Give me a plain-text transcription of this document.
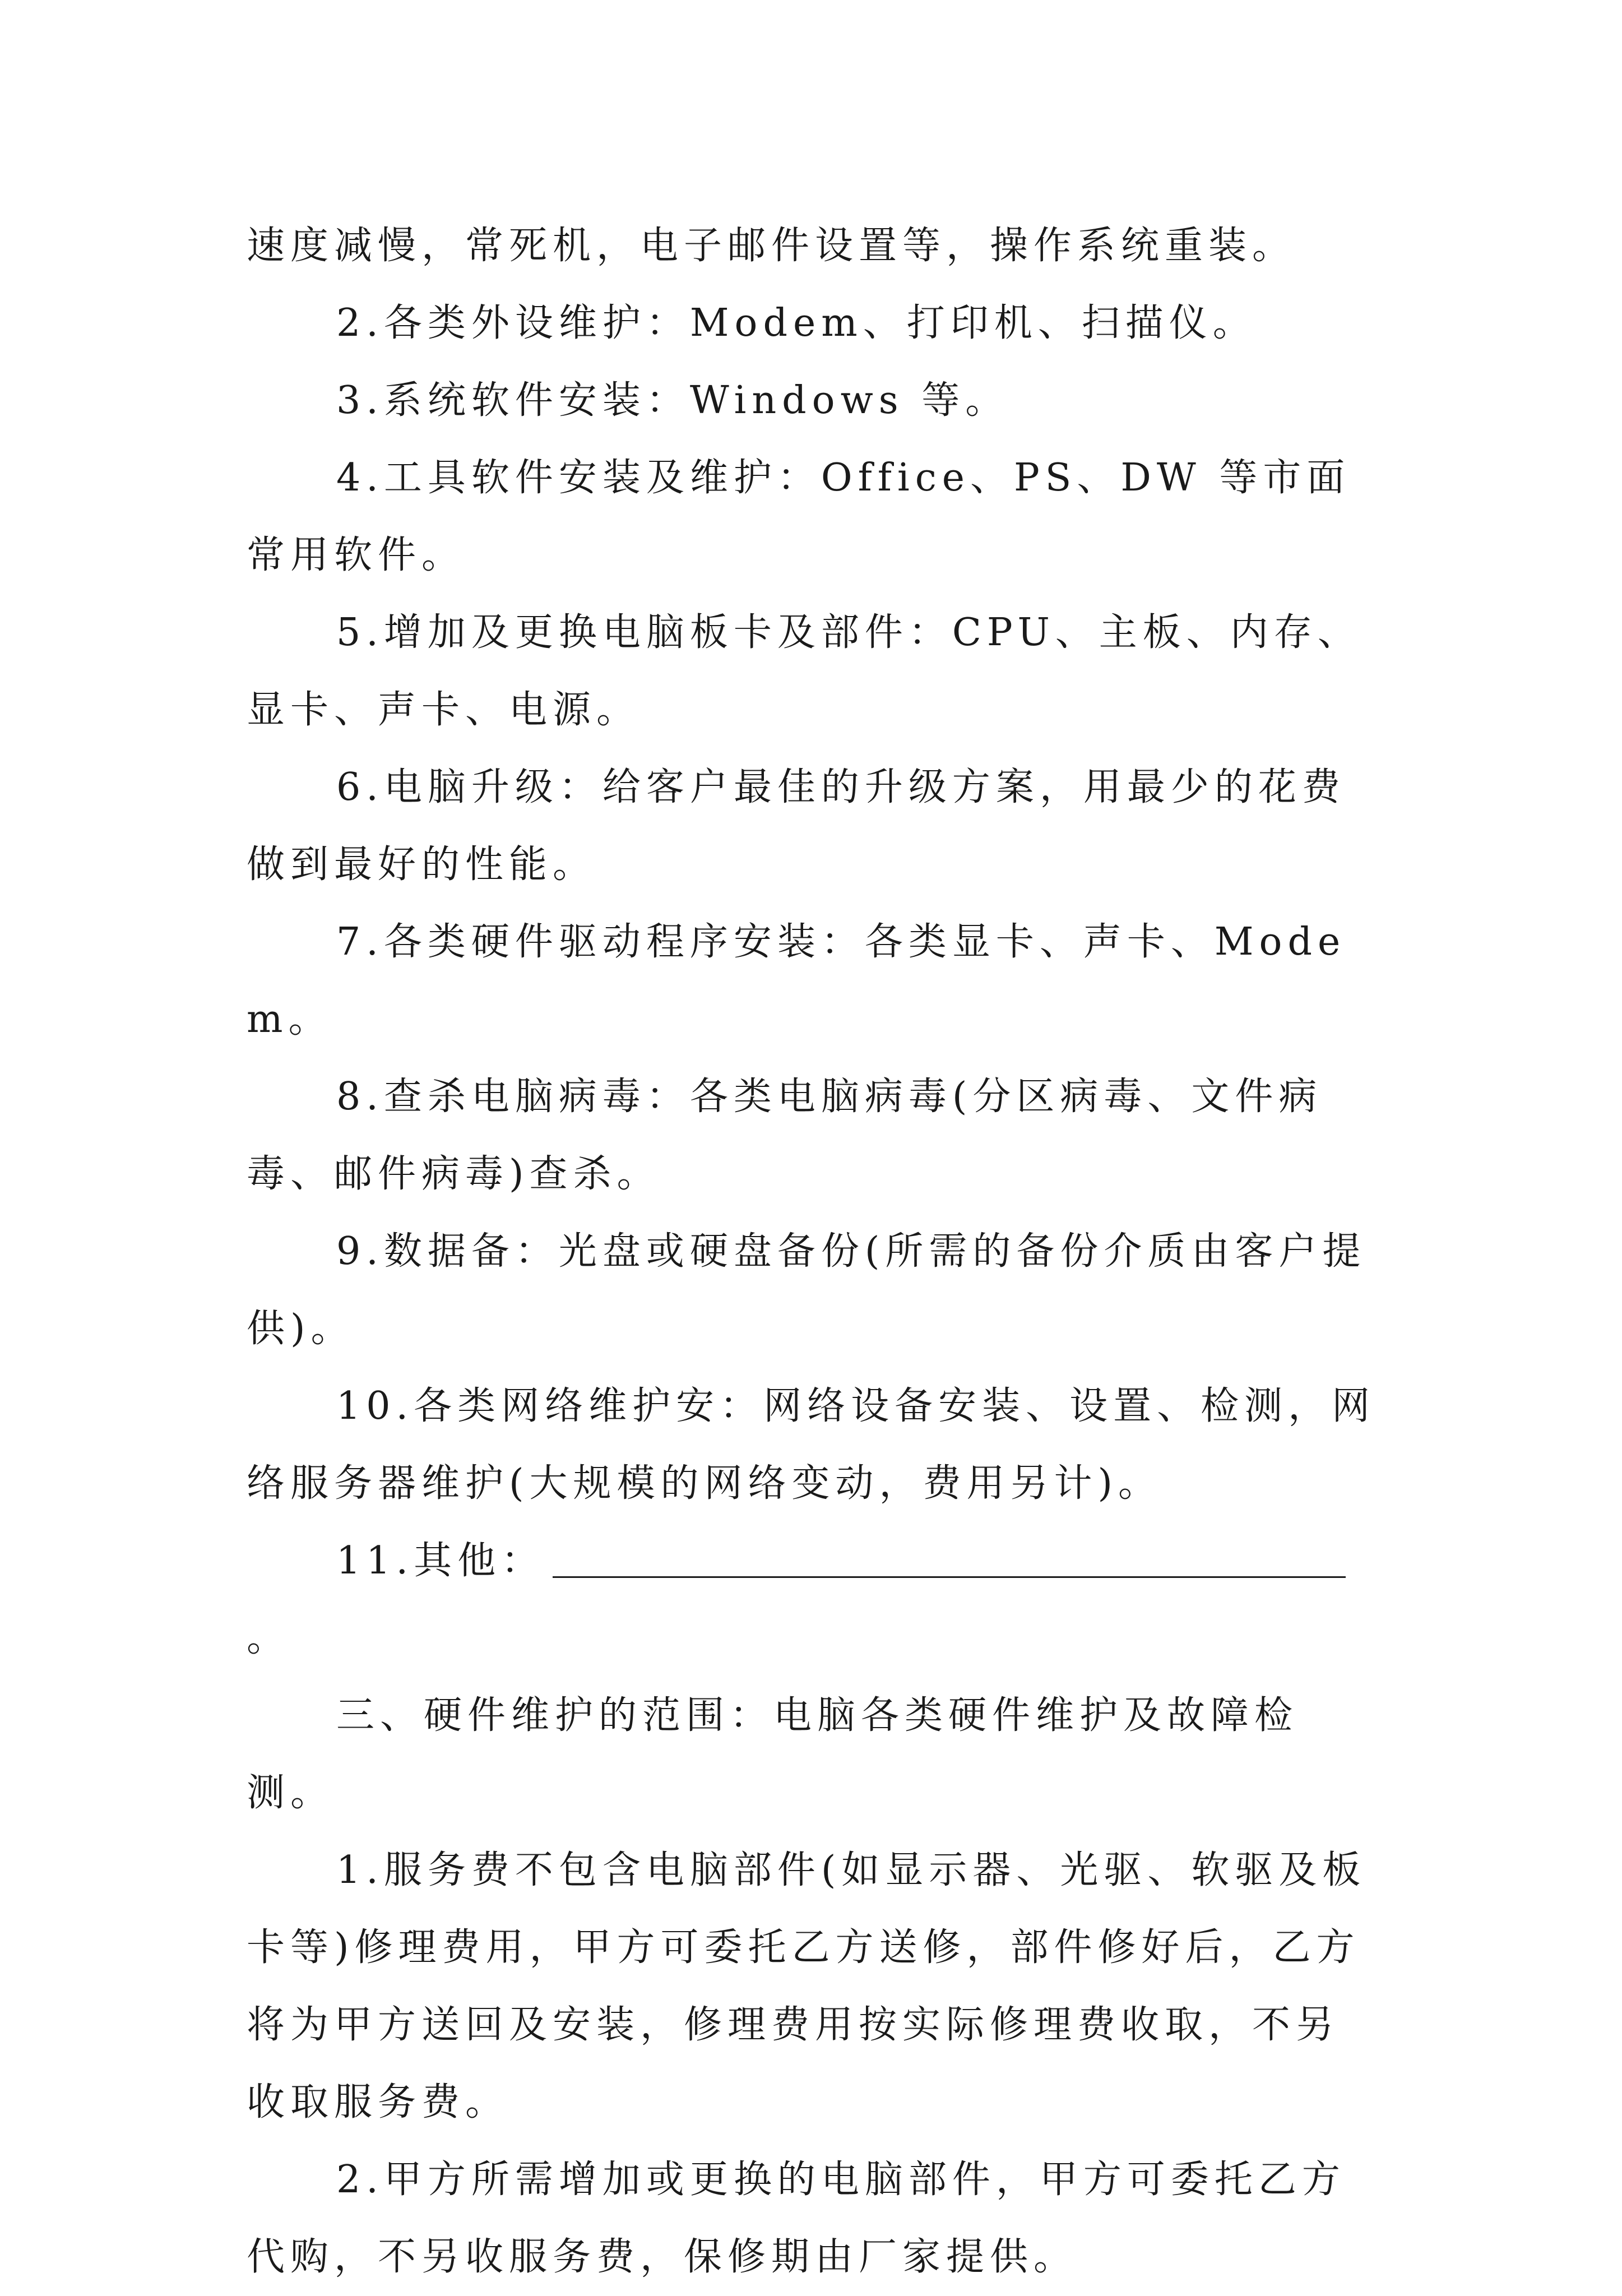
速度减慢，常死机，电子邮件设置等，操作系统重装。

2.各类外设维护：Modem、打印机、扫描仪。

3.系统软件安装：Windows 等。

4.工具软件安装及维护：Office、PS、DW 等市面常用软件。

5.增加及更换电脑板卡及部件：CPU、主板、内存、显卡、声卡、电源。

6.电脑升级：给客户最佳的升级方案，用最少的花费做到最好的性能。

7.各类硬件驱动程序安装：各类显卡、声卡、Modem。

8.查杀电脑病毒：各类电脑病毒(分区病毒、文件病毒、邮件病毒)查杀。

9.数据备：光盘或硬盘备份(所需的备份介质由客户提供)。

10.各类网络维护安：网络设备安装、设置、检测，网络服务器维护(大规模的网络变动，费用另计)。

11.其他：。

三、硬件维护的范围：电脑各类硬件维护及故障检测。

1.服务费不包含电脑部件(如显示器、光驱、软驱及板卡等)修理费用，甲方可委托乙方送修，部件修好后，乙方将为甲方送回及安装，修理费用按实际修理费收取，不另收取服务费。

2.甲方所需增加或更换的电脑部件，甲方可委托乙方代购，不另收服务费，保修期由厂家提供。
